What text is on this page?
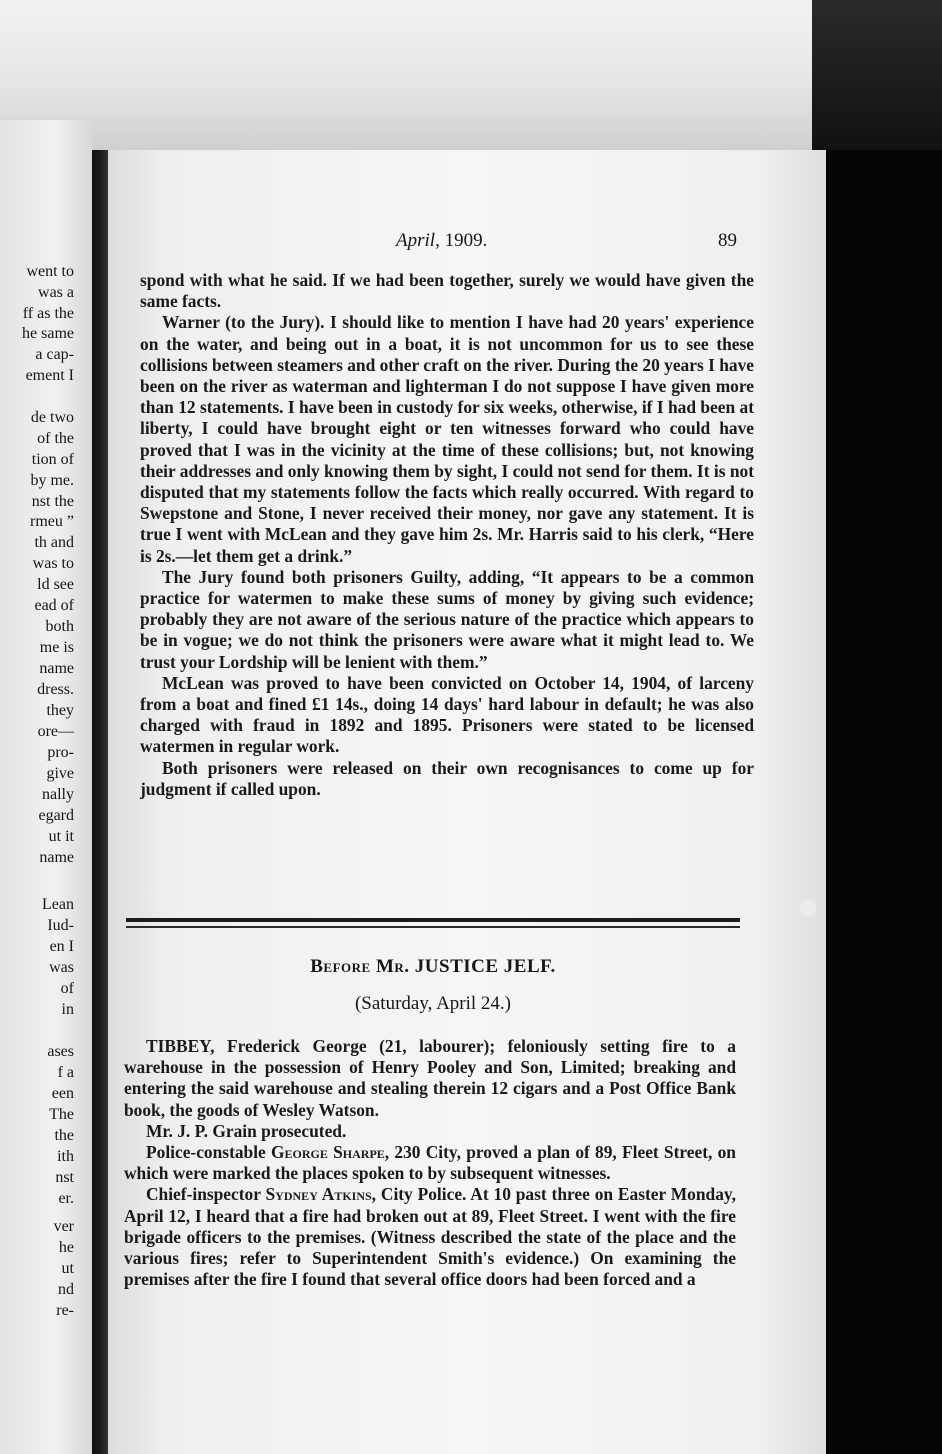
went to
was a
ff as the
he same
a cap-
ement I
de two
of the
tion of
by me.
nst the
rmeu ”
th and
was to
ld see
ead of
both
me is
name
dress.
they
ore—
pro-
give
nally
egard
ut it
name
Lean
Iud-
en I
was
of
in
ases
f a
een
The
the
ith
nst
er.
ver
he
ut
nd
re-
April, 1909.	89

spond with what he said. If we had been together, surely we would have given the same facts.

Warner (to the Jury). I should like to mention I have had 20 years' experience on the water, and being out in a boat, it is not uncommon for us to see these collisions between steamers and other craft on the river. During the 20 years I have been on the river as waterman and lighterman I do not suppose I have given more than 12 statements. I have been in custody for six weeks, otherwise, if I had been at liberty, I could have brought eight or ten witnesses forward who could have proved that I was in the vicinity at the time of these collisions; but, not knowing their addresses and only knowing them by sight, I could not send for them. It is not disputed that my statements follow the facts which really occurred. With regard to Swepstone and Stone, I never received their money, nor gave any statement. It is true I went with McLean and they gave him 2s. Mr. Harris said to his clerk, “Here is 2s.—let them get a drink.”

The Jury found both prisoners Guilty, adding, “It appears to be a common practice for watermen to make these sums of money by giving such evidence; probably they are not aware of the serious nature of the practice which appears to be in vogue; we do not think the prisoners were aware what it might lead to. We trust your Lordship will be lenient with them.”

McLean was proved to have been convicted on October 14, 1904, of larceny from a boat and fined £1 14s., doing 14 days' hard labour in default; he was also charged with fraud in 1892 and 1895. Prisoners were stated to be licensed watermen in regular work.

Both prisoners were released on their own recognisances to come up for judgment if called upon.

Before Mr. JUSTICE JELF.
(Saturday, April 24.)

TIBBEY, Frederick George (21, labourer); feloniously setting fire to a warehouse in the possession of Henry Pooley and Son, Limited; breaking and entering the said warehouse and stealing therein 12 cigars and a Post Office Bank book, the goods of Wesley Watson.

Mr. J. P. Grain prosecuted.

Police-constable George Sharpe, 230 City, proved a plan of 89, Fleet Street, on which were marked the places spoken to by subsequent witnesses.

Chief-inspector Sydney Atkins, City Police. At 10 past three on Easter Monday, April 12, I heard that a fire had broken out at 89, Fleet Street. I went with the fire brigade officers to the premises. (Witness described the state of the place and the various fires; refer to Superintendent Smith's evidence.) On examining the premises after the fire I found that several office doors had been forced and a
